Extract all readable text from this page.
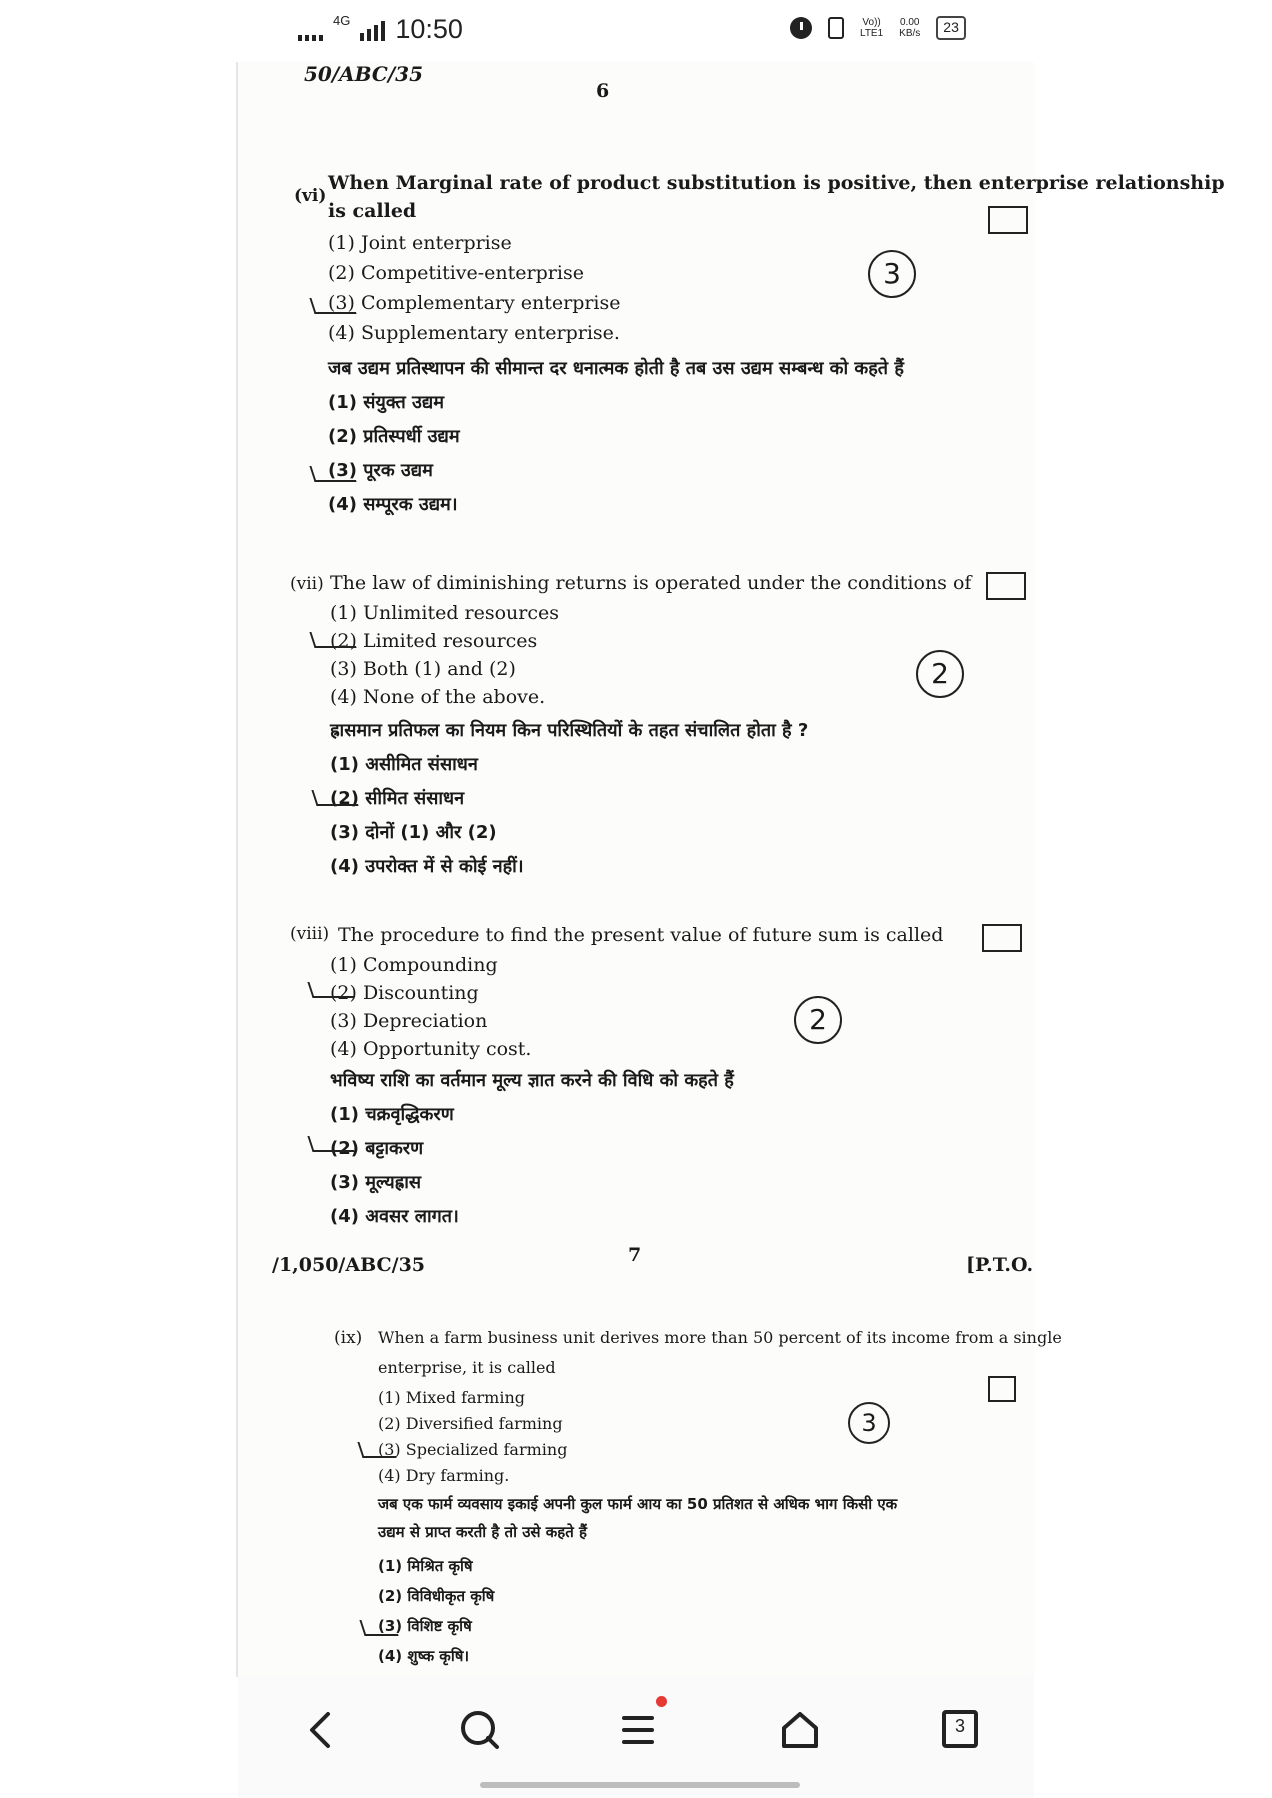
4G 10:50	Vo))
LTE1
0.00
KB/s	23
50/ABC/35
6
(vi)
When Marginal rate of product substitution is positive, then enterprise relationship
is called
(1) Joint enterprise
(2) Competitive-enterprise
(3) Complementary enterprise
(4) Supplementary enterprise.
3
जब उद्यम प्रतिस्थापन की सीमान्त दर धनात्मक होती है तब उस उद्यम सम्बन्ध को कहते हैं
(1) संयुक्त उद्यम
(2) प्रतिस्पर्धी उद्यम
(3) पूरक उद्यम
(4) सम्पूरक उद्यम।
(vii) The law of diminishing returns is operated under the conditions of
(1) Unlimited resources
(2) Limited resources
(3) Both (1) and (2)
(4) None of the above.
2
ह्रासमान प्रतिफल का नियम किन परिस्थितियों के तहत संचालित होता है ?
(1) असीमित संसाधन
(2) सीमित संसाधन
(3) दोनों (1) और (2)
(4) उपरोक्त में से कोई नहीं।
(viii) The procedure to find the present value of future sum is called
(1) Compounding
(2) Discounting
(3) Depreciation
(4) Opportunity cost.
2
भविष्य राशि का वर्तमान मूल्य ज्ञात करने की विधि को कहते हैं
(1) चक्रवृद्धिकरण
(2) बट्टाकरण
(3) मूल्यह्रास
(4) अवसर लागत।
/1,050/ABC/35	7	[P.T.O.
(ix) When a farm business unit derives more than 50 percent of its income from a single
enterprise, it is called
(1) Mixed farming
(2) Diversified farming
(3) Specialized farming
(4) Dry farming.
3
जब एक फार्म व्यवसाय इकाई अपनी कुल फार्म आय का 50 प्रतिशत से अधिक भाग किसी एक
उद्यम से प्राप्त करती है तो उसे कहते हैं
(1) मिश्रित कृषि
(2) विविधीकृत कृषि
(3) विशिष्ट कृषि
(4) शुष्क कृषि।
3
